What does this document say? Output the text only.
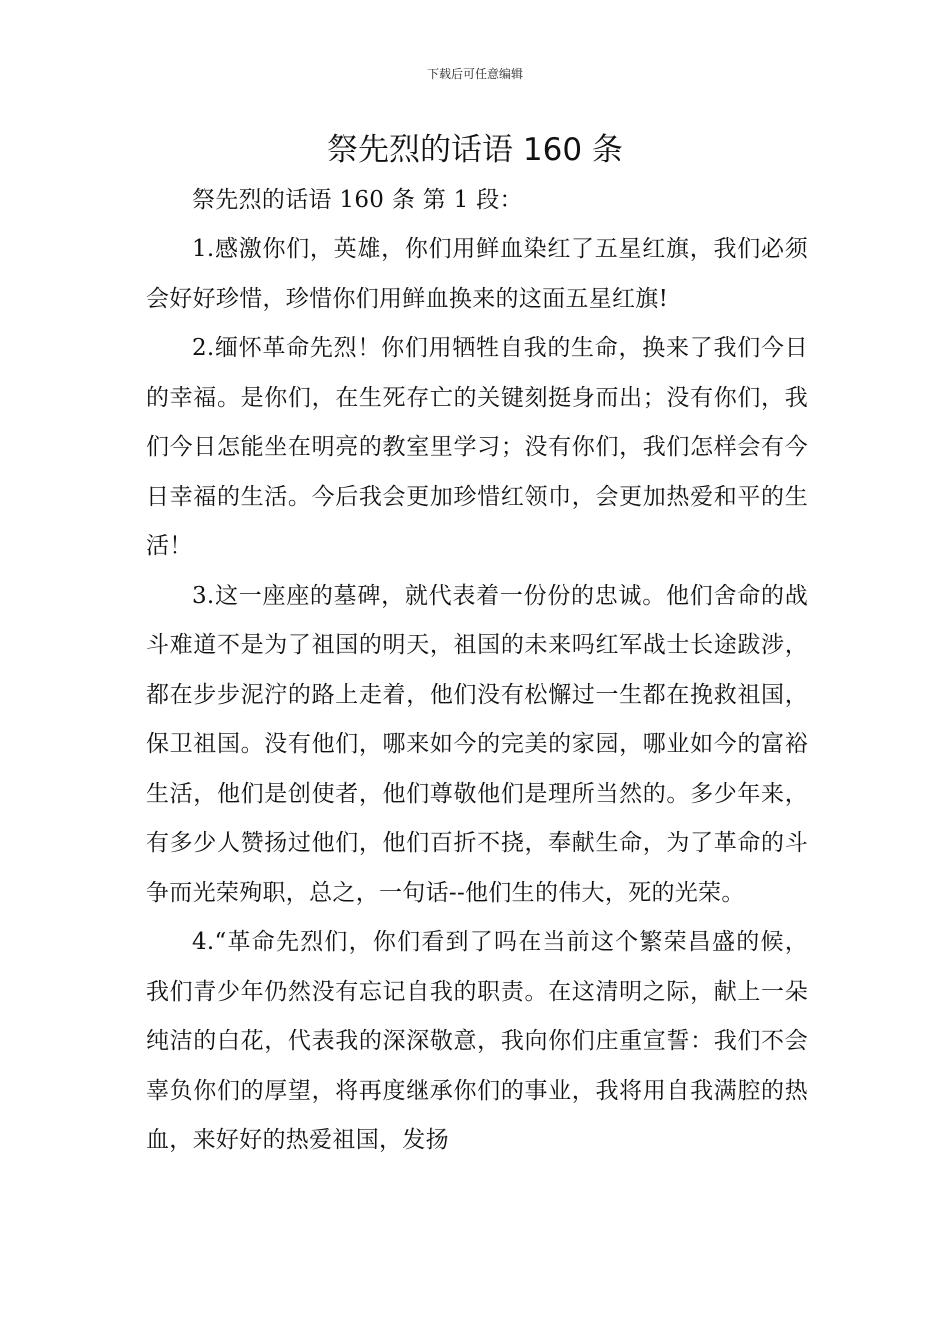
下载后可任意编辑
祭先烈的话语 160 条

祭先烈的话语 160 条 第 1 段：

1.感激你们，英雄，你们用鲜血染红了五星红旗，我们必须会好好珍惜，珍惜你们用鲜血换来的这面五星红旗!

2.缅怀革命先烈！你们用牺牲自我的生命，换来了我们今日的幸福。是你们，在生死存亡的关键刻挺身而出；没有你们，我们今日怎能坐在明亮的教室里学习；没有你们，我们怎样会有今日幸福的生活。今后我会更加珍惜红领巾，会更加热爱和平的生活！

3.这一座座的墓碑，就代表着一份份的忠诚。他们舍命的战斗难道不是为了祖国的明天，祖国的未来吗红军战士长途跋涉，都在步步泥泞的路上走着，他们没有松懈过一生都在挽救祖国，保卫祖国。没有他们，哪来如今的完美的家园，哪业如今的富裕生活，他们是创使者，他们尊敬他们是理所当然的。多少年来，有多少人赞扬过他们，他们百折不挠，奉献生命，为了革命的斗争而光荣殉职，总之，一句话--他们生的伟大，死的光荣。

4.“革命先烈们，你们看到了吗在当前这个繁荣昌盛的候，我们青少年仍然没有忘记自我的职责。在这清明之际，献上一朵纯洁的白花，代表我的深深敬意，我向你们庄重宣誓：我们不会辜负你们的厚望，将再度继承你们的事业，我将用自我满腔的热血，来好好的热爱祖国，发扬
